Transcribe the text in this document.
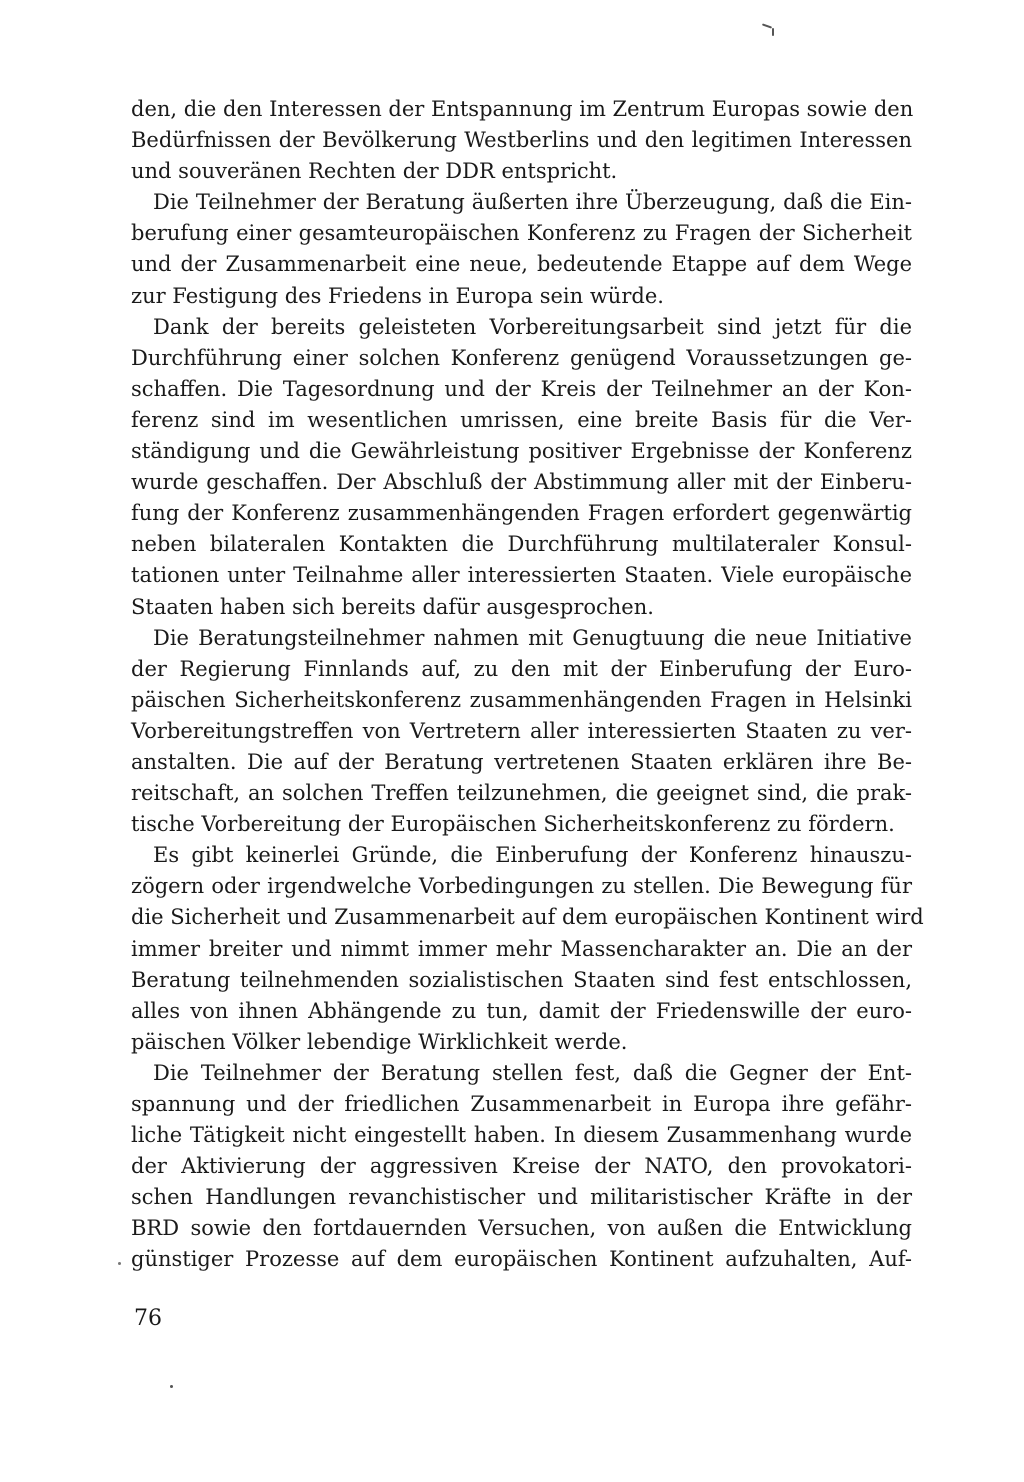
den, die den Interessen der Entspannung im Zentrum Europas sowie den
Bedürfnissen der Bevölkerung Westberlins und den legitimen Interessen
und souveränen Rechten der DDR entspricht.
Die Teilnehmer der Beratung äußerten ihre Überzeugung, daß die Ein-
berufung einer gesamteuropäischen Konferenz zu Fragen der Sicherheit
und der Zusammenarbeit eine neue, bedeutende Etappe auf dem Wege
zur Festigung des Friedens in Europa sein würde.
Dank der bereits geleisteten Vorbereitungsarbeit sind jetzt für die
Durchführung einer solchen Konferenz genügend Voraussetzungen ge-
schaffen. Die Tagesordnung und der Kreis der Teilnehmer an der Kon-
ferenz sind im wesentlichen umrissen, eine breite Basis für die Ver-
ständigung und die Gewährleistung positiver Ergebnisse der Konferenz
wurde geschaffen. Der Abschluß der Abstimmung aller mit der Einberu-
fung der Konferenz zusammenhängenden Fragen erfordert gegenwärtig
neben bilateralen Kontakten die Durchführung multilateraler Konsul-
tationen unter Teilnahme aller interessierten Staaten. Viele europäische
Staaten haben sich bereits dafür ausgesprochen.
Die Beratungsteilnehmer nahmen mit Genugtuung die neue Initiative
der Regierung Finnlands auf, zu den mit der Einberufung der Euro-
päischen Sicherheitskonferenz zusammenhängenden Fragen in Helsinki
Vorbereitungstreffen von Vertretern aller interessierten Staaten zu ver-
anstalten. Die auf der Beratung vertretenen Staaten erklären ihre Be-
reitschaft, an solchen Treffen teilzunehmen, die geeignet sind, die prak-
tische Vorbereitung der Europäischen Sicherheitskonferenz zu fördern.
Es gibt keinerlei Gründe, die Einberufung der Konferenz hinauszu-
zögern oder irgendwelche Vorbedingungen zu stellen. Die Bewegung für
die Sicherheit und Zusammenarbeit auf dem europäischen Kontinent wird
immer breiter und nimmt immer mehr Massencharakter an. Die an der
Beratung teilnehmenden sozialistischen Staaten sind fest entschlossen,
alles von ihnen Abhängende zu tun, damit der Friedenswille der euro-
päischen Völker lebendige Wirklichkeit werde.
Die Teilnehmer der Beratung stellen fest, daß die Gegner der Ent-
spannung und der friedlichen Zusammenarbeit in Europa ihre gefähr-
liche Tätigkeit nicht eingestellt haben. In diesem Zusammenhang wurde
der Aktivierung der aggressiven Kreise der NATO, den provokatori-
schen Handlungen revanchistischer und militaristischer Kräfte in der
BRD sowie den fortdauernden Versuchen, von außen die Entwicklung
günstiger Prozesse auf dem europäischen Kontinent aufzuhalten, Auf-
76
